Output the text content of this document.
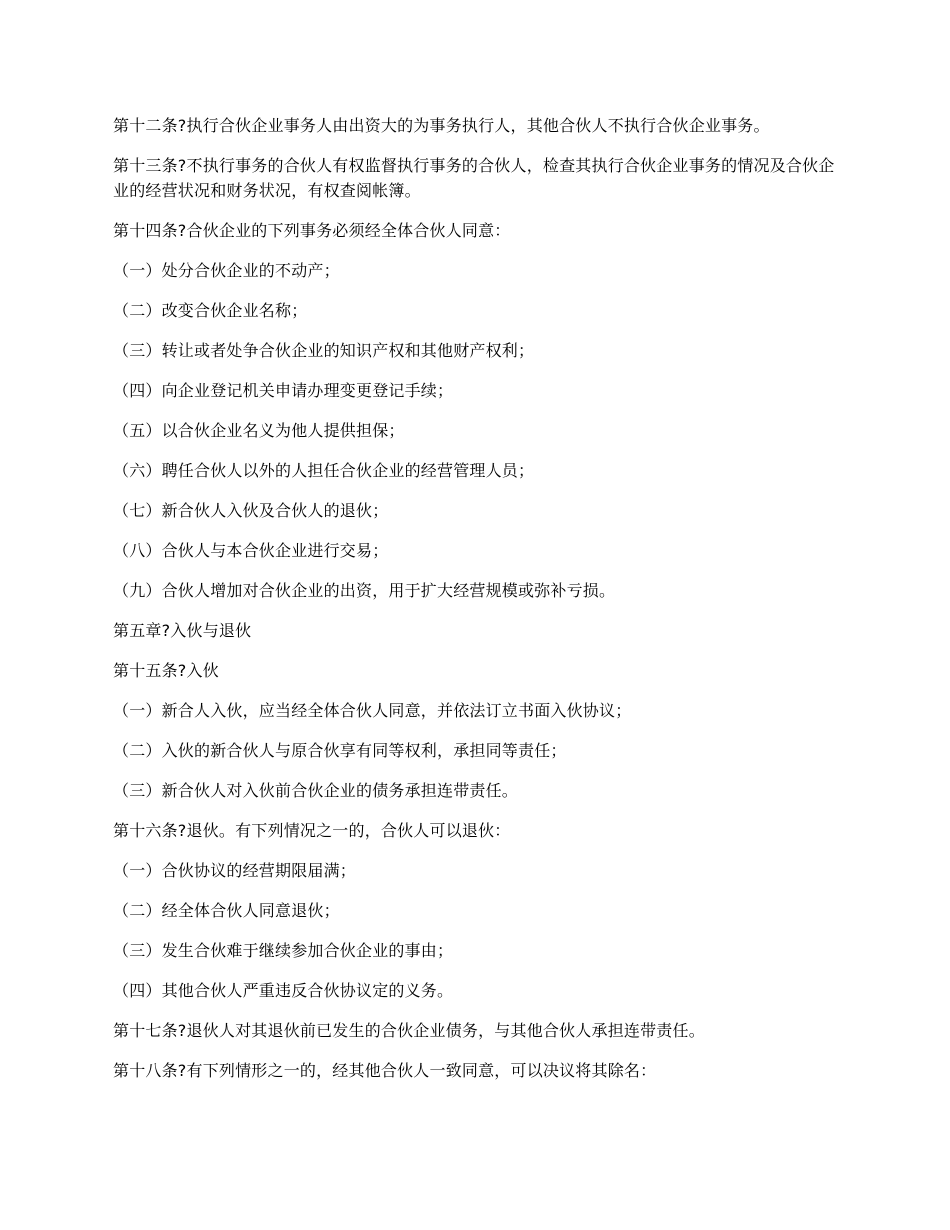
第十二条?执行合伙企业事务人由出资大的为事务执行人，其他合伙人不执行合伙企业事务。

第十三条?不执行事务的合伙人有权监督执行事务的合伙人，检查其执行合伙企业事务的情况及合伙企业的经营状况和财务状况，有权查阅帐簿。

第十四条?合伙企业的下列事务必须经全体合伙人同意：

（一）处分合伙企业的不动产；

（二）改变合伙企业名称；

（三）转让或者处争合伙企业的知识产权和其他财产权利；

（四）向企业登记机关申请办理变更登记手续；

（五）以合伙企业名义为他人提供担保；

（六）聘任合伙人以外的人担任合伙企业的经营管理人员；

（七）新合伙人入伙及合伙人的退伙；

（八）合伙人与本合伙企业进行交易；

（九）合伙人增加对合伙企业的出资，用于扩大经营规模或弥补亏损。

第五章?入伙与退伙

第十五条?入伙

（一）新合人入伙，应当经全体合伙人同意，并依法订立书面入伙协议；

（二）入伙的新合伙人与原合伙享有同等权利，承担同等责任；

（三）新合伙人对入伙前合伙企业的债务承担连带责任。

第十六条?退伙。有下列情况之一的，合伙人可以退伙：

（一）合伙协议的经营期限届满；

（二）经全体合伙人同意退伙；

（三）发生合伙难于继续参加合伙企业的事由；

（四）其他合伙人严重违反合伙协议定的义务。

第十七条?退伙人对其退伙前已发生的合伙企业债务，与其他合伙人承担连带责任。

第十八条?有下列情形之一的，经其他合伙人一致同意，可以决议将其除名：
